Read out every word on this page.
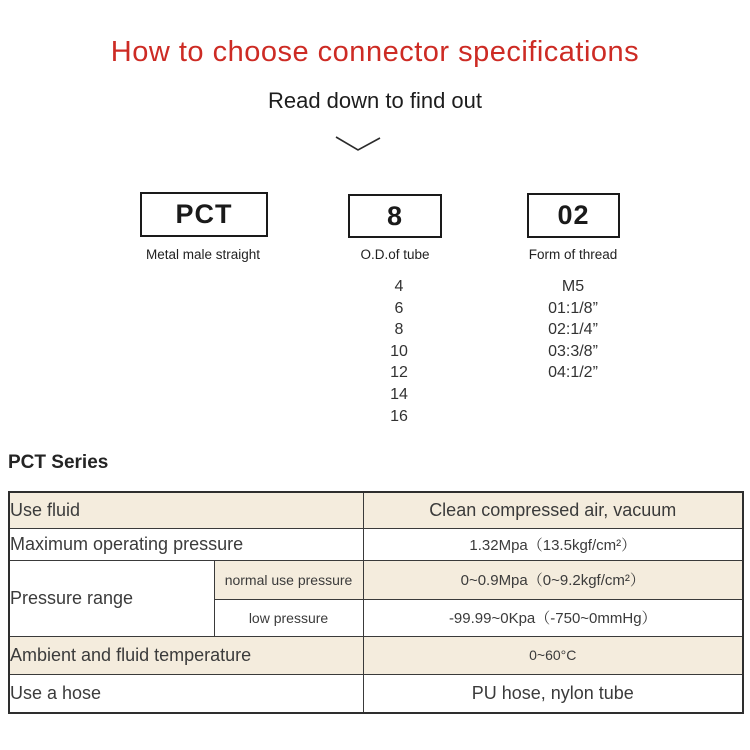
How to choose connector specifications
Read down to find out
PCT	8	02
Metal male straight	O.D.of tube	Form of thread
4
6
8
10
12
14
16
M5
01:1/8”
02:1/4”
03:3/8”
04:1/2”
PCT Series
Use fluid		Clean compressed air, vacuum
Maximum operating pressure		1.32Mpa（13.5kgf/cm²）
Pressure range	normal use pressure	0~0.9Mpa（0~9.2kgf/cm²）
	low pressure	-99.99~0Kpa（-750~0mmHg）
Ambient and fluid temperature		0~60°C
Use a hose		PU hose, nylon tube
